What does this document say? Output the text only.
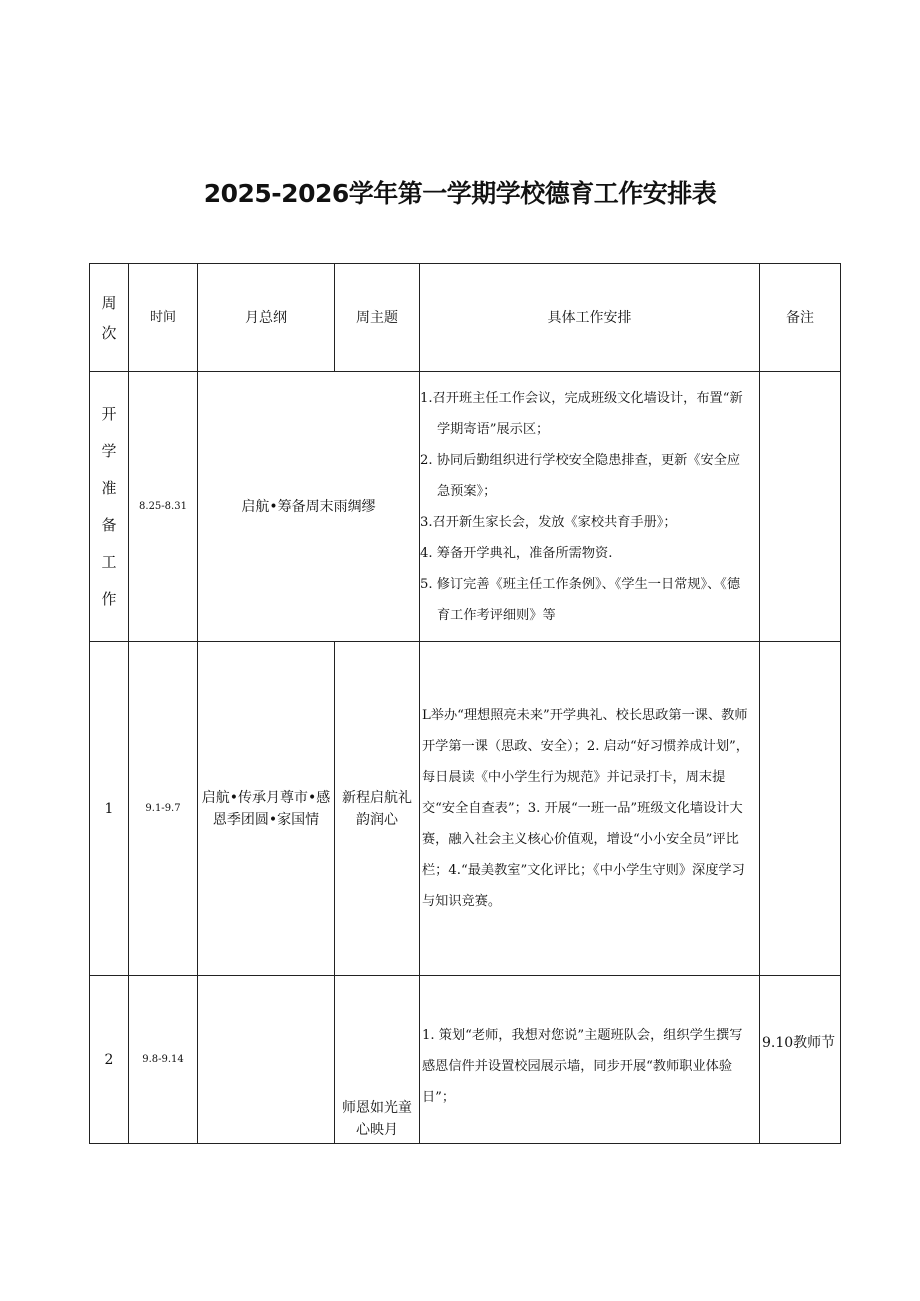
2025-2026学年第一学期学校德育工作安排表
周次	时间	月总纲	周主题	具体工作安排	备注
开学准备工作	8.25-8.31	启航•筹备周末雨绸缪		1.召开班主任工作会议，完成班级文化墙设计，布置“新学期寄语”展示区；
2. 协同后勤组织进行学校安全隐患排查，更新《安全应急预案》；
3.召开新生家长会，发放《家校共育手册》；
4. 筹备开学典礼，准备所需物资.
5. 修订完善《班主任工作条例》、《学生一日常规》、《德育工作考评细则》等	

1	9.1-9.7	启航•传承月尊市•感恩季团圆•家国情	新程启航礼韵润心	L举办“理想照亮未来”开学典礼、校长思政第一课、教师开学第一课（思政、安全）；2. 启动“好习惯养成计划”，每日晨读《中小学生行为规范》并记录打卡，周末提交“安全自查表”；3. 开展“一班一品”班级文化墙设计大赛，融入社会主义核心价值观，增设“小小安全员”评比栏；4.“最美教室”文化评比；《中小学生守则》深度学习与知识竞赛。	

2	9.8-9.14		师恩如光童心映月	1. 策划“老师，我想对您说”主题班队会，组织学生撰写感恩信件并设置校园展示墙，同步开展“教师职业体验日”；	9.10教师节
